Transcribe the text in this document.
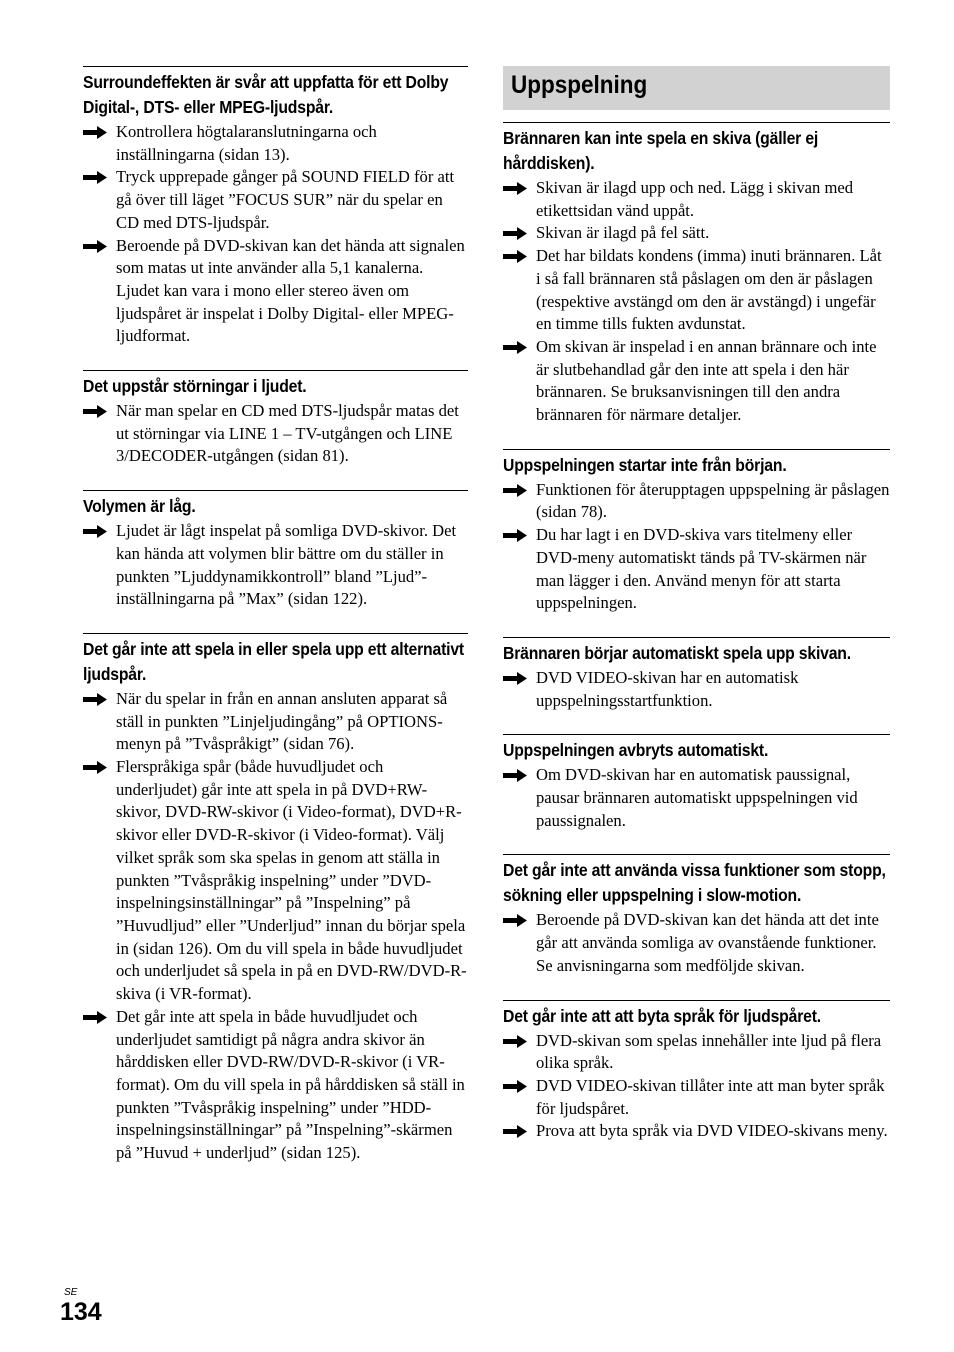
Surroundeffekten är svår att uppfatta för ett Dolby Digital-, DTS- eller MPEG-ljudspår.
Kontrollera högtalaranslutningarna och inställningarna (sidan 13).
Tryck upprepade gånger på SOUND FIELD för att gå över till läget ”FOCUS SUR” när du spelar en CD med DTS-ljudspår.
Beroende på DVD-skivan kan det hända att signalen som matas ut inte använder alla 5,1 kanalerna. Ljudet kan vara i mono eller stereo även om ljudspåret är inspelat i Dolby Digital- eller MPEG-ljudformat.
Det uppstår störningar i ljudet.
När man spelar en CD med DTS-ljudspår matas det ut störningar via LINE 1 – TV-utgången och LINE 3/DECODER-utgången (sidan 81).
Volymen är låg.
Ljudet är lågt inspelat på somliga DVD-skivor. Det kan hända att volymen blir bättre om du ställer in punkten ”Ljuddynamikkontroll” bland ”Ljud”-inställningarna på ”Max” (sidan 122).
Det går inte att spela in eller spela upp ett alternativt ljudspår.
När du spelar in från en annan ansluten apparat så ställ in punkten ”Linjeljudingång” på OPTIONS-menyn på ”Tvåspråkigt” (sidan 76).
Flerspråkiga spår (både huvudljudet och underljudet) går inte att spela in på DVD+RW-skivor, DVD-RW-skivor (i Video-format), DVD+R-skivor eller DVD-R-skivor (i Video-format). Välj vilket språk som ska spelas in genom att ställa in punkten ”Tvåspråkig inspelning” under ”DVD-inspelningsinställningar” på ”Inspelning” på ”Huvudljud” eller ”Underljud” innan du börjar spela in (sidan 126). Om du vill spela in både huvudljudet och underljudet så spela in på en DVD-RW/DVD-R-skiva (i VR-format).
Det går inte att spela in både huvudljudet och underljudet samtidigt på några andra skivor än hårddisken eller DVD-RW/DVD-R-skivor (i VR-format). Om du vill spela in på hårddisken så ställ in punkten ”Tvåspråkig inspelning” under ”HDD-inspelningsinställningar” på ”Inspelning”-skärmen på ”Huvud + underljud” (sidan 125).
Uppspelning
Brännaren kan inte spela en skiva (gäller ej hårddisken).
Skivan är ilagd upp och ned. Lägg i skivan med etikettsidan vänd uppåt.
Skivan är ilagd på fel sätt.
Det har bildats kondens (imma) inuti brännaren. Låt i så fall brännaren stå påslagen om den är påslagen (respektive avstängd om den är avstängd) i ungefär en timme tills fukten avdunstat.
Om skivan är inspelad i en annan brännare och inte är slutbehandlad går den inte att spela i den här brännaren. Se bruksanvisningen till den andra brännaren för närmare detaljer.
Uppspelningen startar inte från början.
Funktionen för återupptagen uppspelning är påslagen (sidan 78).
Du har lagt i en DVD-skiva vars titelmeny eller DVD-meny automatiskt tänds på TV-skärmen när man lägger i den. Använd menyn för att starta uppspelningen.
Brännaren börjar automatiskt spela upp skivan.
DVD VIDEO-skivan har en automatisk uppspelningsstartfunktion.
Uppspelningen avbryts automatiskt.
Om DVD-skivan har en automatisk paussignal, pausar brännaren automatiskt uppspelningen vid paussignalen.
Det går inte att använda vissa funktioner som stopp, sökning eller uppspelning i slow-motion.
Beroende på DVD-skivan kan det hända att det inte går att använda somliga av ovanstående funktioner. Se anvisningarna som medföljde skivan.
Det går inte att att byta språk för ljudspåret.
DVD-skivan som spelas innehåller inte ljud på flera olika språk.
DVD VIDEO-skivan tillåter inte att man byter språk för ljudspåret.
Prova att byta språk via DVD VIDEO-skivans meny.
SE
134
